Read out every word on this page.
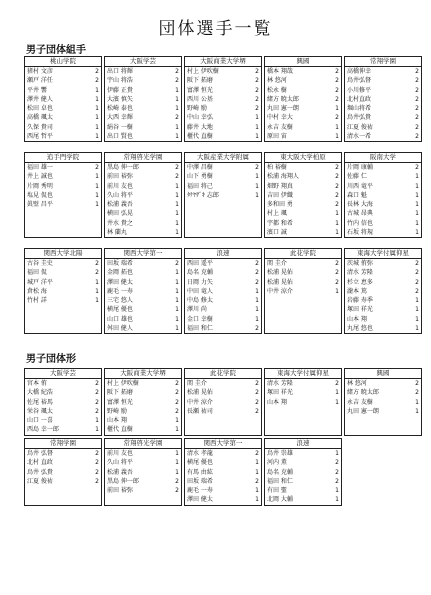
団体選手一覧
男子団体組手
桃山学院
猪村 文彦	2
瀬戸 洋任	2
平井 響	1
澤井 健人	1
松田 卓也	1
高橋 颯太	1
久保 貴司	1
西尾 哲平	1
大阪学芸
出口 将輝	2
宇山 将浩	2
伊藤 正貴	1
大濱 慎矢	1
松崎 泰也	1
大西 幸輝	2
絹谷 一樹	1
出口 賢也	1
大阪商業大学堺
村上 伊吹樹	2
阪下 拓磨	2
富澤 恒光	2
西川 公基	2
野崎 励	2
中山 幸弘	1
藤井 大地	1
櫃代 直樹	1
興國
橋本 翔哉	2
林 悠河	2
松永 樹	2
緒方 暁太郎	2
丸田 憲一朗	1
中村 幸大	2
永吉 友樹	1
原田 宙	1
常翔学園
高橋伸幸	2
鳥井弘督	2
小川修平	2
北村直政	2
堀山将希	2
鳥井弘貴	2
江夏 俊祐	2
清水一希	2
追手門学院
福田 雄一	2
井上 誠也	1
片岡 秀明	1
塩見 侃也	1
眞壁 昌平	1
常翔啓光学園
黒島 伸一郎	2
前田 裕弥	2
前川 友也	1
久山 将平	1
松浦 義吾	1
横田 弘晃	1
井水 貴之	1
林 蘭丸	1
大阪産業大学附属
中澤 昌樹	2
山下 勇樹	1
福田 将己	1
ﾀｹﾔｻﾞｷ 志郎	1
東大阪大学柏原
柏 裕樹	2
松浦 海翔人	2
畑野 翔真	2
吉田 伊織	2
多和田 勇	2
村上 颯	1
宇都 和希	1
濱口 誠	1
阪南大学
片岡 康輔	2
佐藤 仁	1
川西 竜平	1
森口 魁	1
長林 大海	1
古城 昂典	1
竹内 信也	1
石坂 将規	1
関西大学北陽
古谷 圭史	2
福田 侃	2
城戸 洋平	1
倉松 海	1
竹村 詳	1
関西大学第一
田坂 瑞希	2
金岡 拓也	1
澤田 健太	1
鹿毛 一寿	1
三宅 悠人	1
横尾 優也	1
山口 雄也	1
舛田 健人	1
浪速
西田 遥平	2
島名 克輔	2
日岡 力矢	2
中田 竜人	1
中島 修太	1
澤川 尚	1
金口 幸樹	1
福田 和仁	2
此花学院
関 圭介	2
松浦 晃佑	2
松浦 晃佑	2
中井 涼介	1
東海大学付属仰星
茨城 侑弥	2
清水 芳隆	2
杉立 恵多	2
瀧本 篤	2
岩藤 寿季	1
塚田 祥光	1
山本 翔	1
丸尾 悠也	1
男子団体形
大阪学芸
宮本 侑	2
大橋 紀浩	2
佐尾 裕馬	2
栄谷 颯太	2
山口 一喜	1
西島 幸一郎	1
大阪商業大学堺
村上 伊吹樹	2
阪下 拓磨	2
富澤 恒光	2
野崎 励	2
山本 翔	1
櫃代 直樹	1
此花学院
関 圭介	2
松浦 晃佑	2
中井 涼介	2
長瀬 祐司	2
東海大学付属仰星
清水 芳隆	2
塚田 祥光	1
山本 翔	1
興國
林 悠河	2
緒方 暁太郎	2
永吉 友樹	1
丸田 憲一朗	1
常翔学園
鳥井 弘督	2
北村 直政	2
鳥井 弘貴	2
江夏 俊祐	2
常翔啓光学園
前川 友也	1
久山 将平	1
松浦 義吾	1
黒島 伸一郎	2
前田 裕弥	2
関西大学第一
清水 孝龍	2
横尾 優也	1
有馬 由紘	1
田坂 瑞希	2
鹿毛 一寿	1
澤田 健太	1
浪速
鳥井 崇雄	1
河内 薫	2
島名 克輔	2
福田 和仁	2
有田 聖	1
北岡 大輔	1
